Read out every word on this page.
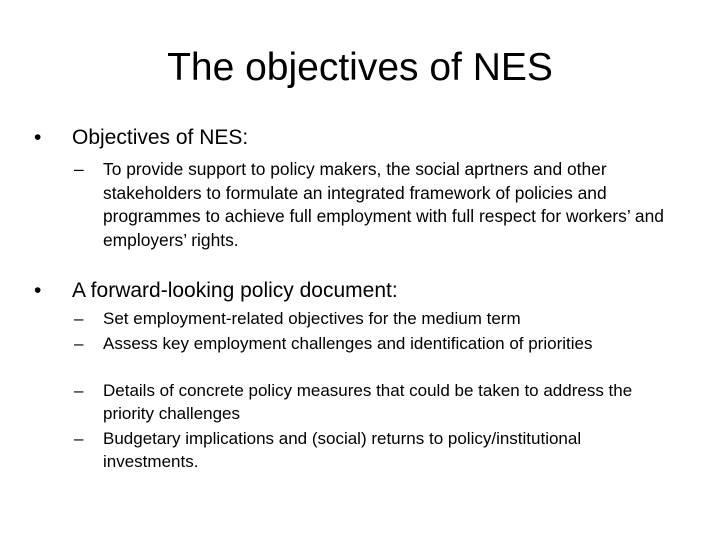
The objectives of NES
• Objectives of NES:
– To provide support to policy makers, the social aprtners and other stakeholders to formulate an integrated framework of policies and programmes to achieve full employment with full respect for workers’ and employers’ rights.
• A forward-looking policy document:
– Set employment-related objectives for the medium term
– Assess key employment challenges and identification of priorities
– Details of concrete policy measures that could be taken to address the priority challenges
– Budgetary implications and (social) returns to policy/institutional investments.
